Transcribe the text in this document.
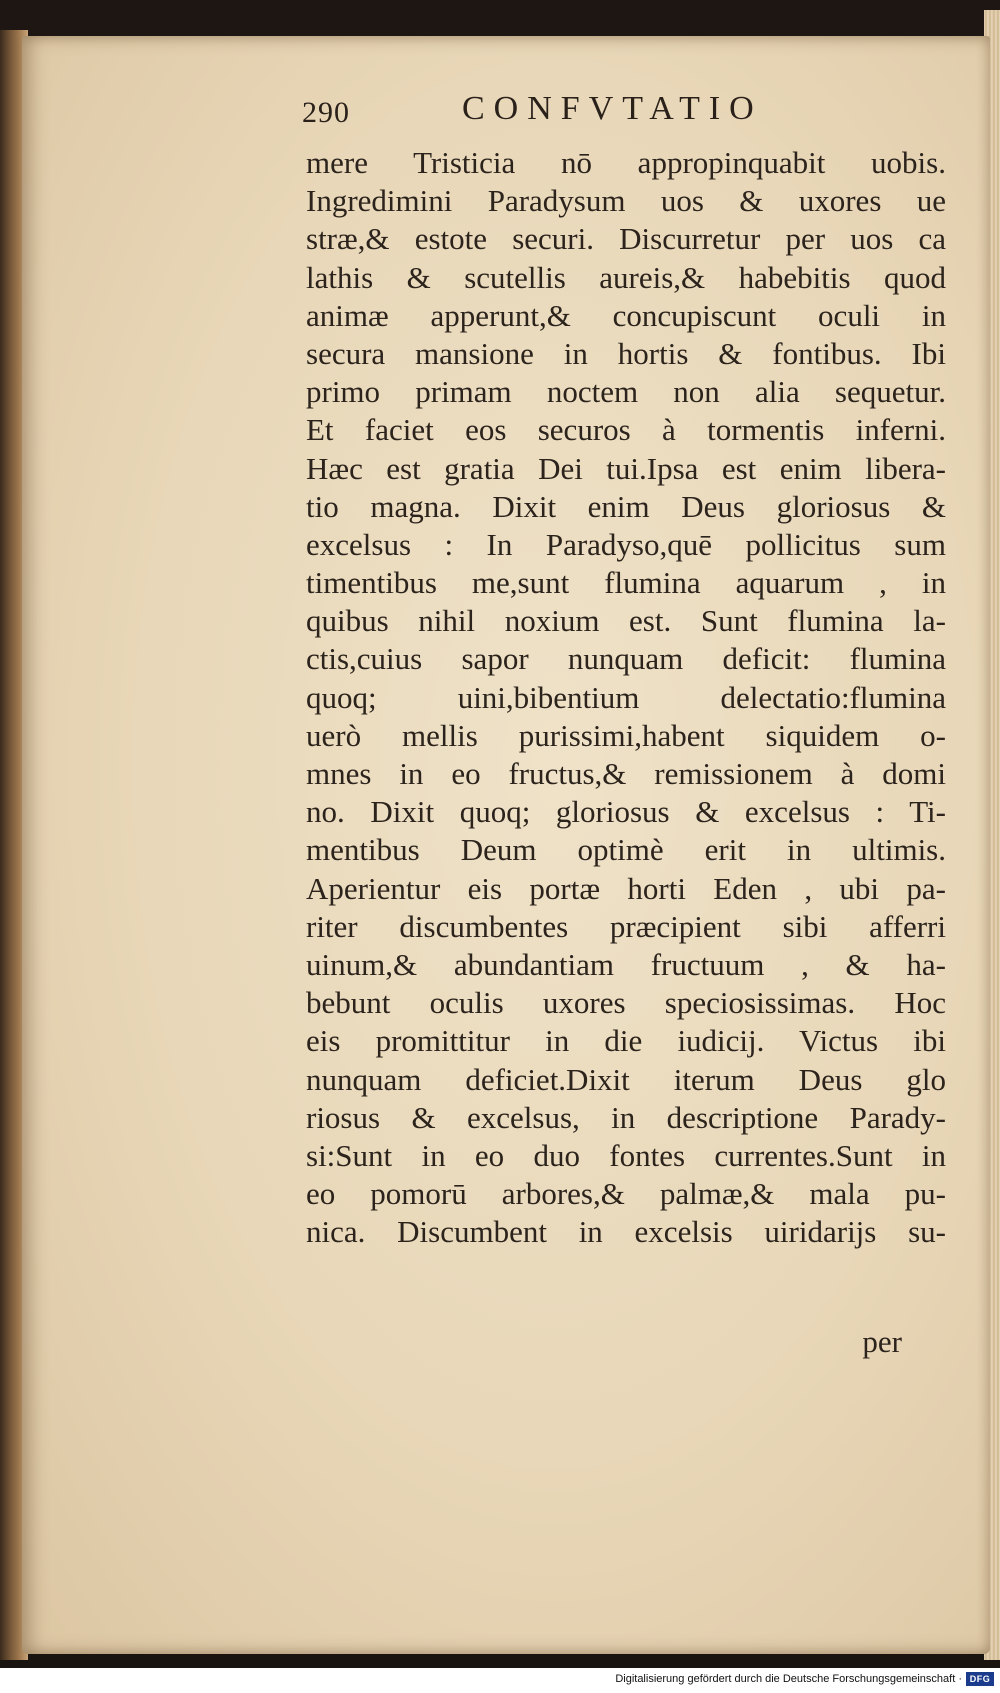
290	CONFVTATIO
mere Tristicia nō appropinquabit uobis.
Ingredimini Paradysum uos & uxores ue
stræ,& estote securi. Discurretur per uos ca
lathis & scutellis aureis,& habebitis quod
animæ apperunt,& concupiscunt oculi in
secura mansione in hortis & fontibus. Ibi
primo primam noctem non alia sequetur.
Et faciet eos securos à tormentis inferni.
Hæc est gratia Dei tui.Ipsa est enim libera-
tio magna. Dixit enim Deus gloriosus &
excelsus : In Paradyso,quē pollicitus sum
timentibus me,sunt flumina aquarum , in
quibus nihil noxium est. Sunt flumina la-
ctis,cuius sapor nunquam deficit: flumina
quoq; uini,bibentium delectatio:flumina
uerò mellis purissimi,habent siquidem o-
mnes in eo fructus,& remissionem à domi
no. Dixit quoq; gloriosus & excelsus : Ti-
mentibus Deum optimè erit in ultimis.
Aperientur eis portæ horti Eden , ubi pa-
riter discumbentes præcipient sibi afferri
uinum,& abundantiam fructuum , & ha-
bebunt oculis uxores speciosissimas. Hoc
eis promittitur in die iudicij. Victus ibi
nunquam deficiet.Dixit iterum Deus glo
riosus & excelsus, in descriptione Parady-
si:Sunt in eo duo fontes currentes.Sunt in
eo pomorū arbores,& palmæ,& mala pu-
nica. Discumbent in excelsis uiridarijs su-
per
Digitalisierung gefördert durch die Deutsche Forschungsgemeinschaft · DFG
